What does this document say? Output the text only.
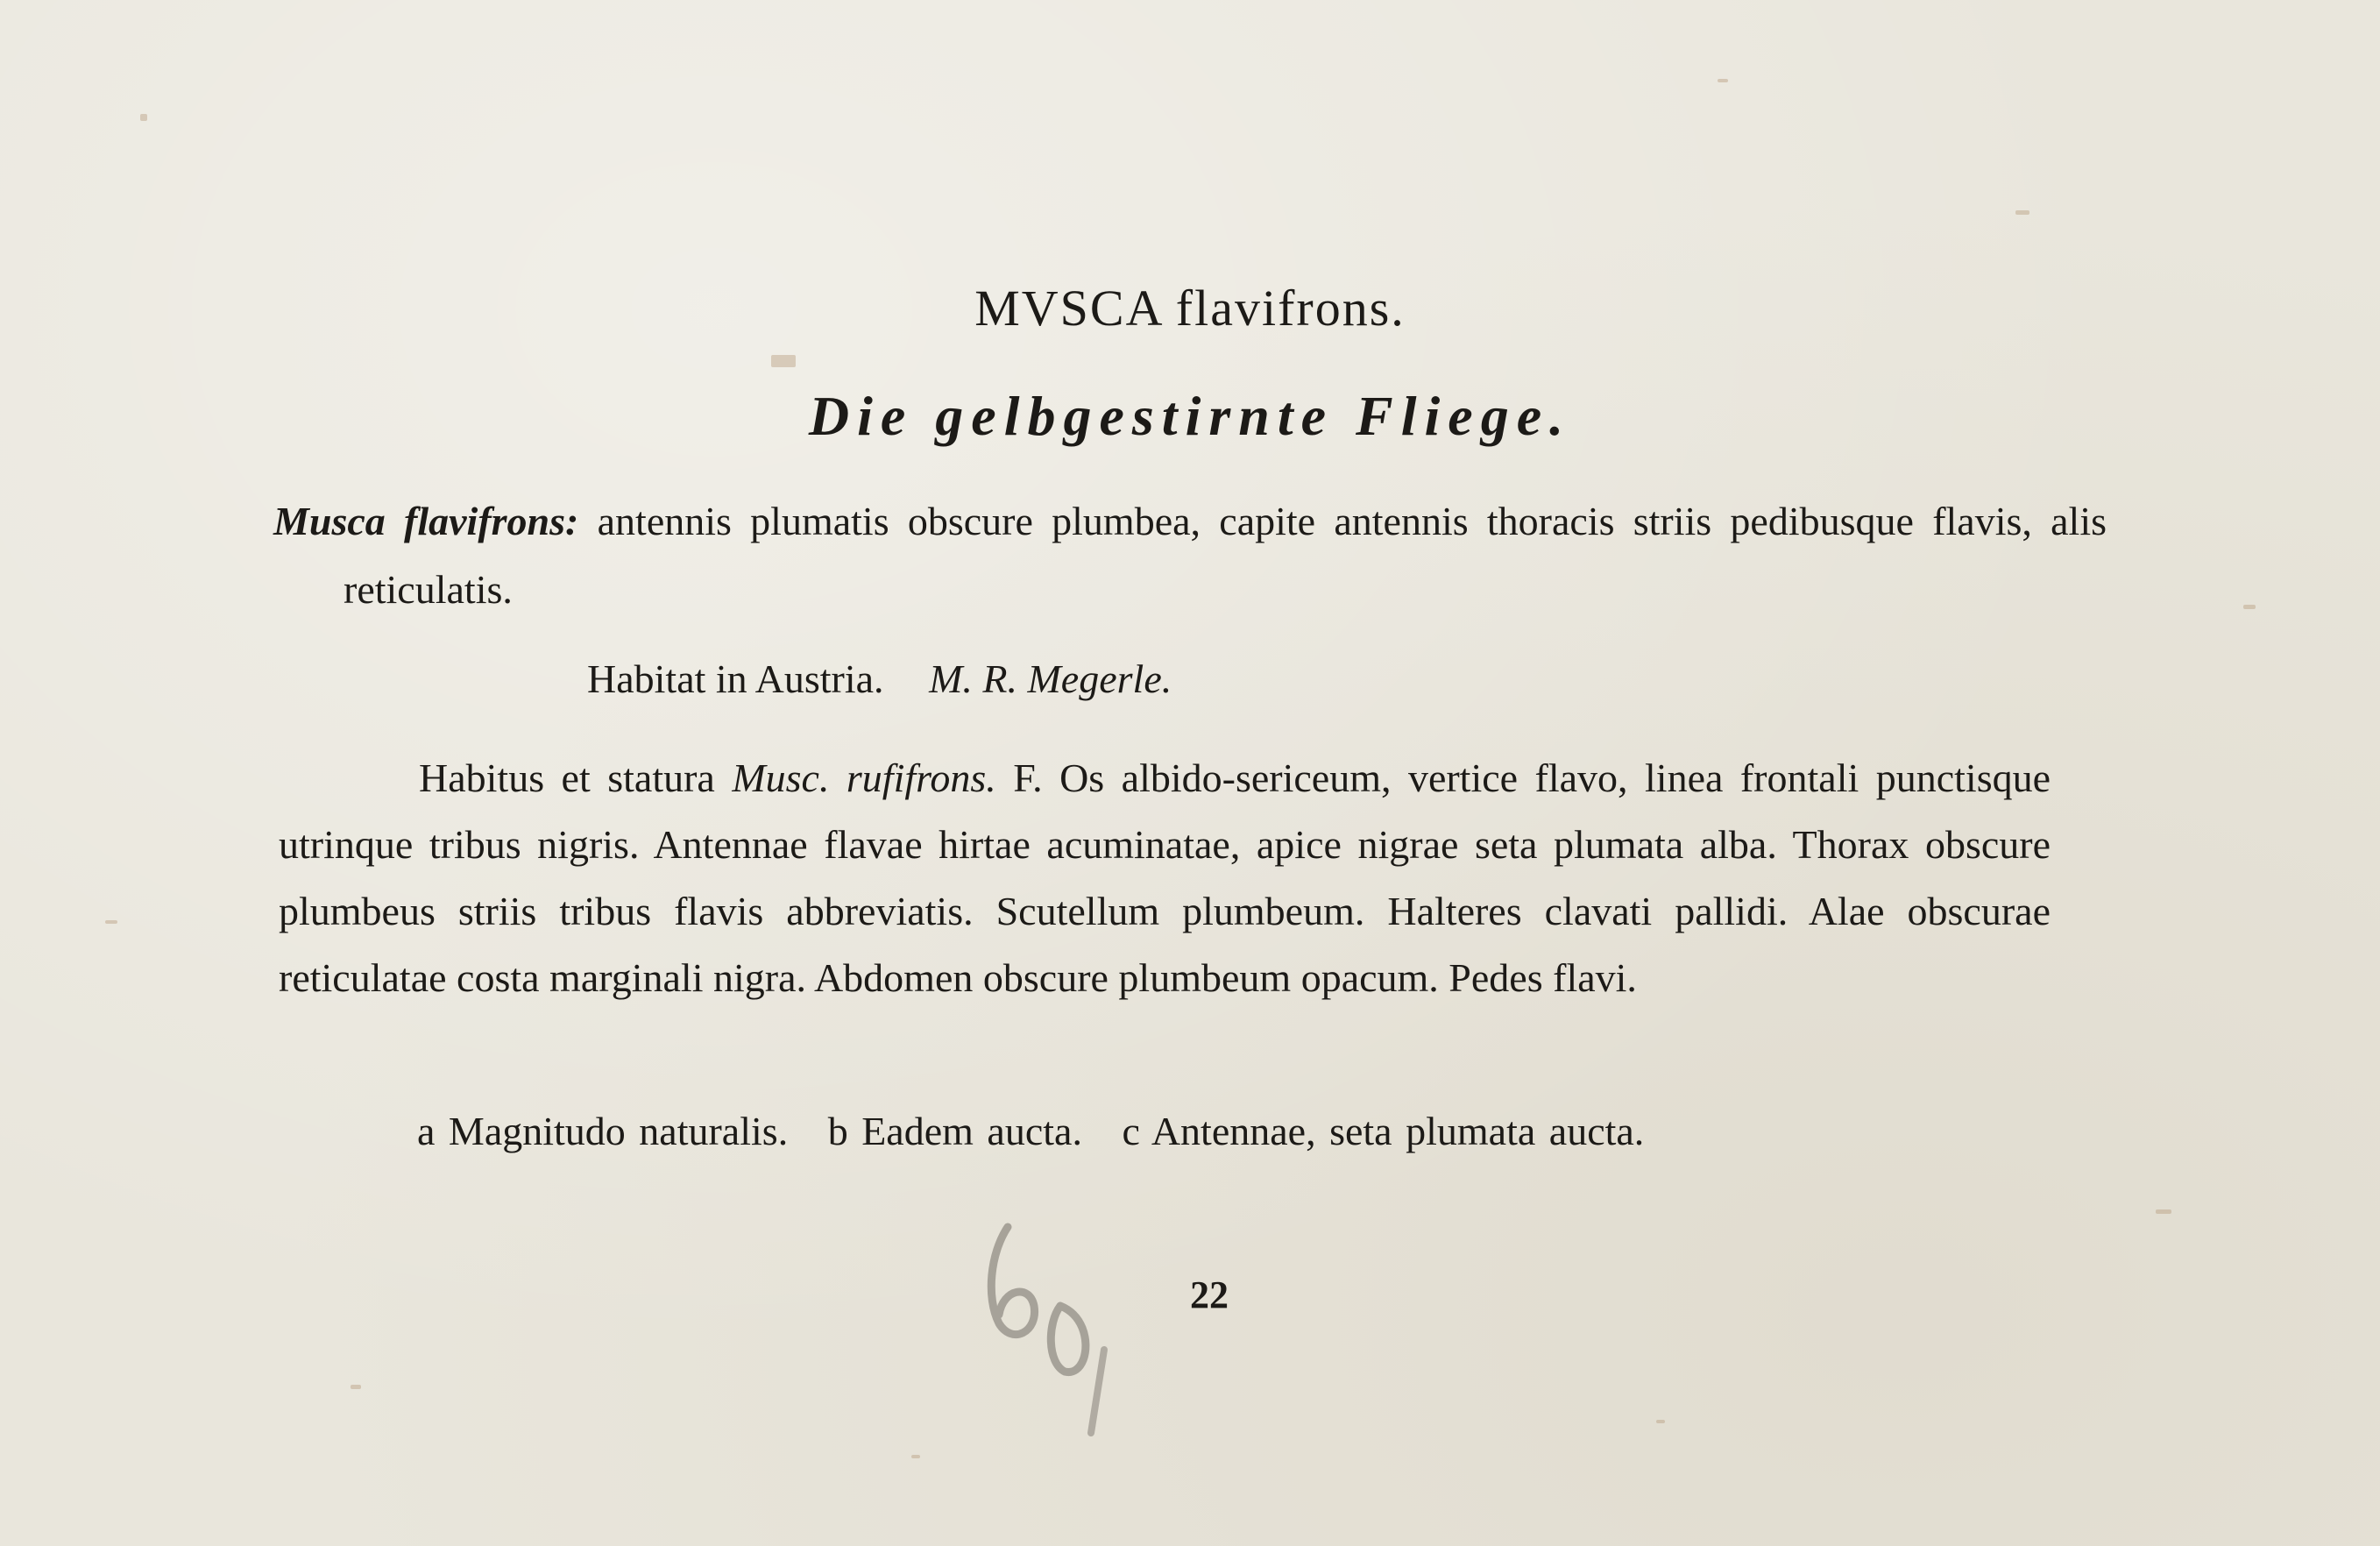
MVSCA flavifrons.
Die gelbgestirnte Fliege.
Musca flavifrons: antennis plumatis obscure plumbea, capite antennis thoracis striis pedibusque flavis, alis reticulatis.
Habitat in Austria. M. R. Megerle.
Habitus et statura Musc. rufifrons. F. Os albido-sericeum, vertice flavo, linea frontali punctisque utrinque tribus nigris. Antennae flavae hirtae acuminatae, apice nigrae seta plumata alba. Thorax obscure plumbeus striis tribus flavis abbreviatis. Scutellum plumbeum. Halteres clavati pallidi. Alae obscurae reticulatae costa marginali nigra. Abdomen obscure plumbeum opacum. Pedes flavi.
a Magnitudo naturalis. b Eadem aucta. c Antennae, seta plumata aucta.
22
